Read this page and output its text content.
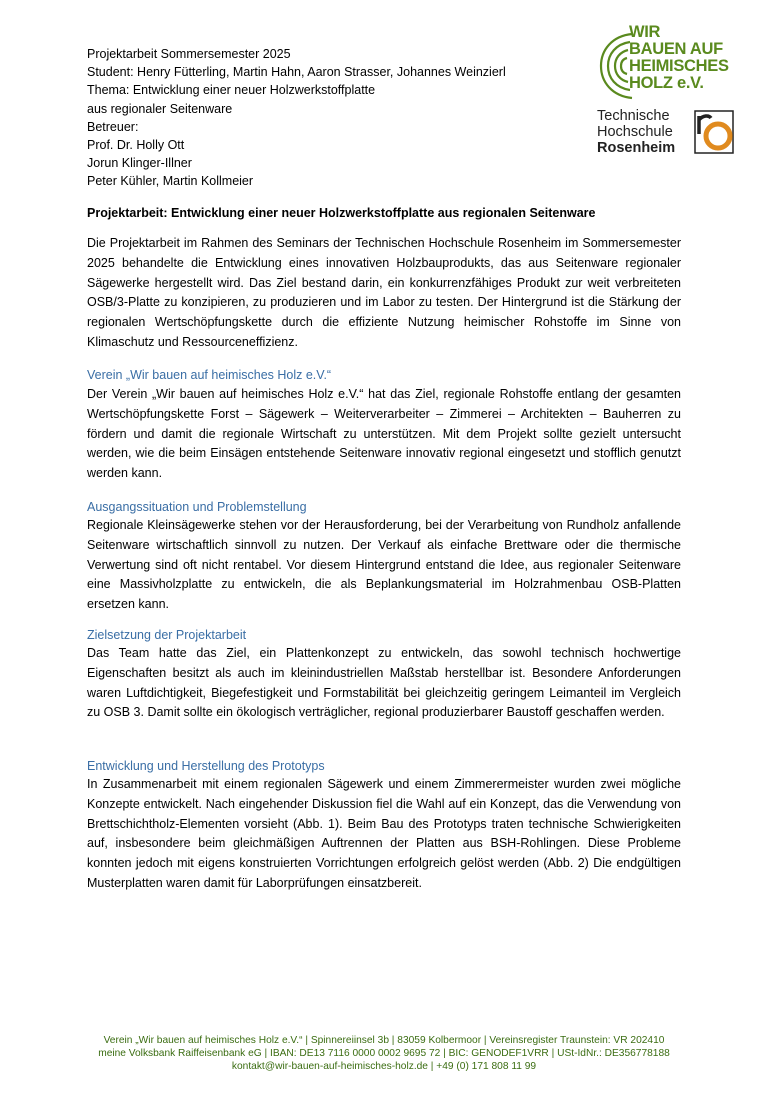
Projektarbeit Sommersemester 2025
Student: Henry Fütterling, Martin Hahn, Aaron Strasser, Johannes Weinzierl
Thema: Entwicklung einer neuer Holzwerkstoffplatte
aus regionaler Seitenware
Betreuer:
Prof. Dr. Holly Ott
Jorun Klinger-Illner
Peter Kühler, Martin Kollmeier
WIR
BAUEN AUF
HEIMISCHES
HOLZ e.V.
Technische
Hochschule
Rosenheim
Projektarbeit: Entwicklung einer neuer Holzwerkstoffplatte aus regionalen Seitenware

Die Projektarbeit im Rahmen des Seminars der Technischen Hochschule Rosenheim im Sommersemester 2025 behandelte die Entwicklung eines innovativen Holzbauprodukts, das aus Seitenware regionaler Sägewerke hergestellt wird. Das Ziel bestand darin, ein konkurrenzfähiges Produkt zur weit verbreiteten OSB/3-Platte zu konzipieren, zu produzieren und im Labor zu testen. Der Hintergrund ist die Stärkung der regionalen Wertschöpfungskette durch die effiziente Nutzung heimischer Rohstoffe im Sinne von Klimaschutz und Ressourceneffizienz.

Verein „Wir bauen auf heimisches Holz e.V.“

Der Verein „Wir bauen auf heimisches Holz e.V.“ hat das Ziel, regionale Rohstoffe entlang der gesamten Wertschöpfungskette Forst – Sägewerk – Weiterverarbeiter – Zimmerei – Architekten – Bauherren zu fördern und damit die regionale Wirtschaft zu unterstützen. Mit dem Projekt sollte gezielt untersucht werden, wie die beim Einsägen entstehende Seitenware innovativ regional eingesetzt und stofflich genutzt werden kann.

Ausgangssituation und Problemstellung

Regionale Kleinsägewerke stehen vor der Herausforderung, bei der Verarbeitung von Rundholz anfallende Seitenware wirtschaftlich sinnvoll zu nutzen. Der Verkauf als einfache Brettware oder die thermische Verwertung sind oft nicht rentabel. Vor diesem Hintergrund entstand die Idee, aus regionaler Seitenware eine Massivholzplatte zu entwickeln, die als Beplankungsmaterial im Holzrahmenbau OSB-Platten ersetzen kann.

Zielsetzung der Projektarbeit

Das Team hatte das Ziel, ein Plattenkonzept zu entwickeln, das sowohl technisch hochwertige Eigenschaften besitzt als auch im kleinindustriellen Maßstab herstellbar ist. Besondere Anforderungen waren Luftdichtigkeit, Biegefestigkeit und Formstabilität bei gleichzeitig geringem Leimanteil im Vergleich zu OSB 3. Damit sollte ein ökologisch verträglicher, regional produzierbarer Baustoff geschaffen werden.

Entwicklung und Herstellung des Prototyps

In Zusammenarbeit mit einem regionalen Sägewerk und einem Zimmerermeister wurden zwei mögliche Konzepte entwickelt. Nach eingehender Diskussion fiel die Wahl auf ein Konzept, das die Verwendung von Brettschichtholz-Elementen vorsieht (Abb. 1). Beim Bau des Prototyps traten technische Schwierigkeiten auf, insbesondere beim gleichmäßigen Auftrennen der Platten aus BSH-Rohlingen. Diese Probleme konnten jedoch mit eigens konstruierten Vorrichtungen erfolgreich gelöst werden (Abb. 2) Die endgültigen Musterplatten waren damit für Laborprüfungen einsatzbereit.

Verein „Wir bauen auf heimisches Holz e.V.“ | Spinnereiinsel 3b | 83059 Kolbermoor | Vereinsregister Traunstein: VR 202410
meine Volksbank Raiffeisenbank eG | IBAN: DE13 7116 0000 0002 9695 72 | BIC: GENODEF1VRR | USt-IdNr.: DE356778188
kontakt@wir-bauen-auf-heimisches-holz.de | +49 (0) 171 808 11 99
